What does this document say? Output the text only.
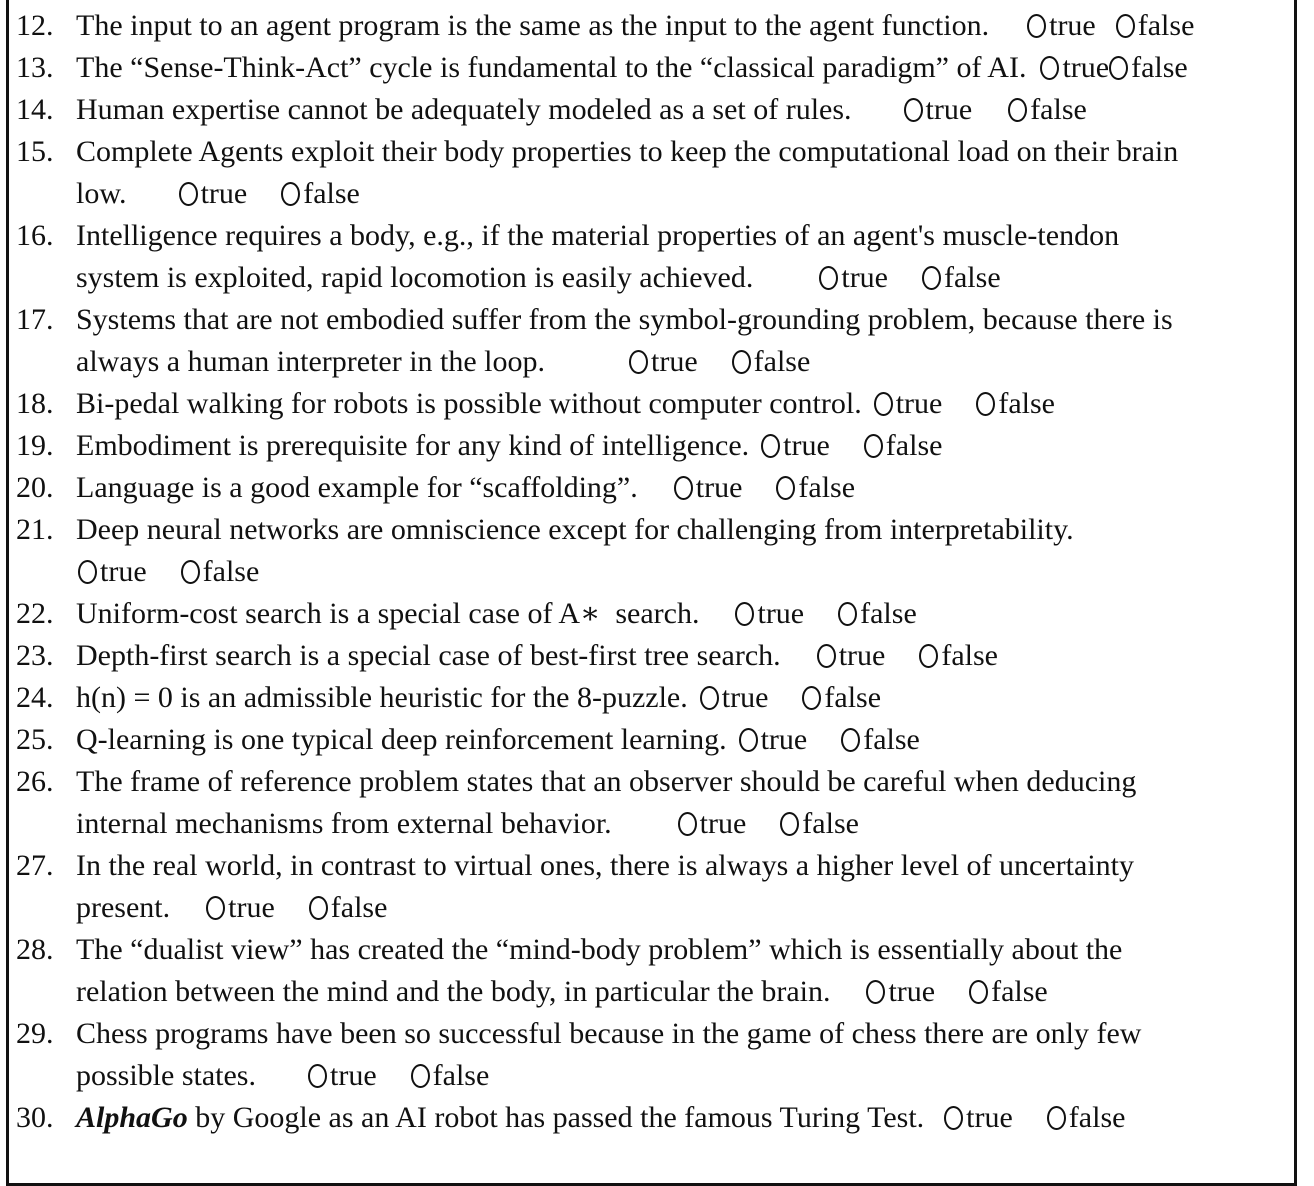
12. The input to an agent program is the same as the input to the agent function. true false
13. The “Sense-Think-Act” cycle is fundamental to the “classical paradigm” of AI. true false
14. Human expertise cannot be adequately modeled as a set of rules. true false
15. Complete Agents exploit their body properties to keep the computational load on their brain
low. true false
16. Intelligence requires a body, e.g., if the material properties of an agent's muscle-tendon
system is exploited, rapid locomotion is easily achieved.	true false
17. Systems that are not embodied suffer from the symbol-grounding problem, because there is
always a human interpreter in the loop.	true false
18. Bi-pedal walking for robots is possible without computer control. true false
19. Embodiment is prerequisite for any kind of intelligence. true false
20. Language is a good example for “scaffolding”. true false
21. Deep neural networks are omniscience except for challenging from interpretability.
true false
22. Uniform-cost search is a special case of A∗  search. true false
23. Depth-first search is a special case of best-first tree search. true false
24. h(n) = 0 is an admissible heuristic for the 8-puzzle. true false
25. Q-learning is one typical deep reinforcement learning. true false
26. The frame of reference problem states that an observer should be careful when deducing
internal mechanisms from external behavior.	true false
27. In the real world, in contrast to virtual ones, there is always a higher level of uncertainty
present. true false
28. The “dualist view” has created the “mind-body problem” which is essentially about the
relation between the mind and the body, in particular the brain. true false
29. Chess programs have been so successful because in the game of chess there are only few
possible states. true false
30. AlphaGo by Google as an AI robot has passed the famous Turing Test. true false
